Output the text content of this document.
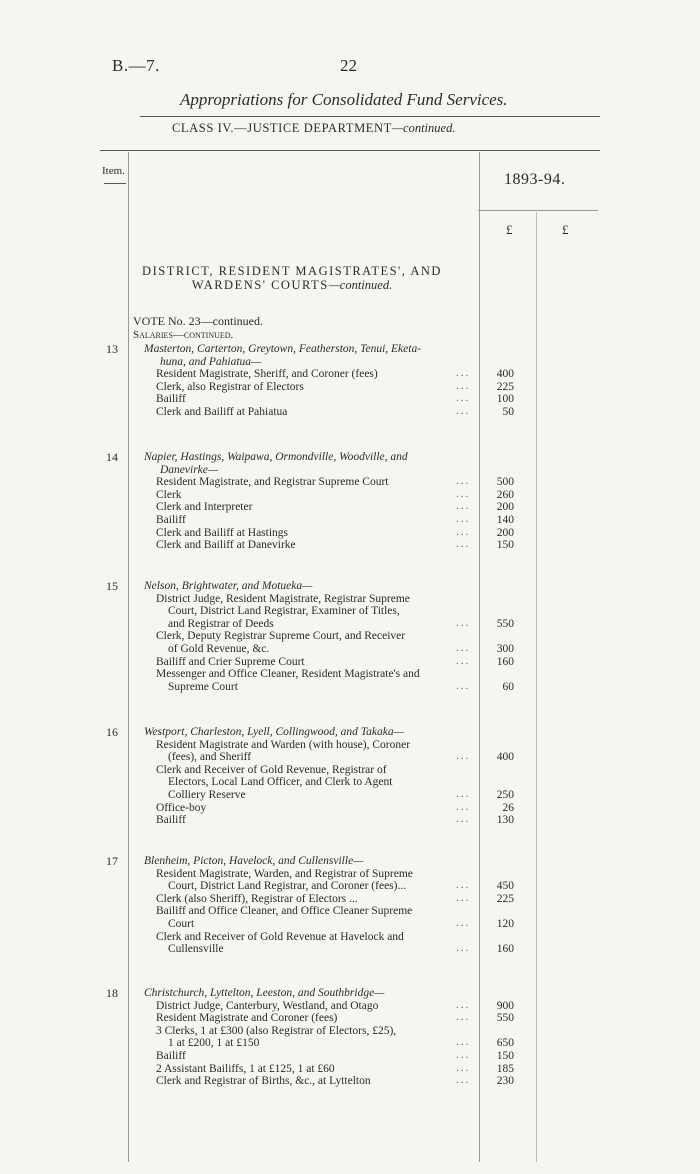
B.—7.	22
Appropriations for Consolidated Fund Services.
CLASS IV.—JUSTICE DEPARTMENT—continued.
Item.	1893-94.
£	£
DISTRICT, RESIDENT MAGISTRATES', AND
WARDENS' COURTS—continued.
VOTE No. 23—continued.
Salaries—continued.
13 Masterton, Carterton, Greytown, Featherston, Tenui, Eketa-
huna, and Pahiatua—
Resident Magistrate, Sheriff, and Coroner (fees)	...	400
Clerk, also Registrar of Electors	...	225
Bailiff	...	100
Clerk and Bailiff at Pahiatua	...	50
14 Napier, Hastings, Waipawa, Ormondville, Woodville, and
Danevirke—
Resident Magistrate, and Registrar Supreme Court	...	500
Clerk	...	260
Clerk and Interpreter	...	200
Bailiff	...	140
Clerk and Bailiff at Hastings	...	200
Clerk and Bailiff at Danevirke	...	150
15 Nelson, Brightwater, and Motueka—
District Judge, Resident Magistrate, Registrar Supreme
Court, District Land Registrar, Examiner of Titles,
and Registrar of Deeds	...	550
Clerk, Deputy Registrar Supreme Court, and Receiver
of Gold Revenue, &c.	...	300
Bailiff and Crier Supreme Court	...	160
Messenger and Office Cleaner, Resident Magistrate's and
Supreme Court	...	60
16 Westport, Charleston, Lyell, Collingwood, and Takaka—
Resident Magistrate and Warden (with house), Coroner
(fees), and Sheriff	...	400
Clerk and Receiver of Gold Revenue, Registrar of
Electors, Local Land Officer, and Clerk to Agent
Colliery Reserve	...	250
Office-boy	...	26
Bailiff	...	130
17 Blenheim, Picton, Havelock, and Cullensville—
Resident Magistrate, Warden, and Registrar of Supreme
Court, District Land Registrar, and Coroner (fees)...	...	450
Clerk (also Sheriff), Registrar of Electors ...	...	225
Bailiff and Office Cleaner, and Office Cleaner Supreme
Court	...	120
Clerk and Receiver of Gold Revenue at Havelock and
Cullensville	...	160
18 Christchurch, Lyttelton, Leeston, and Southbridge—
District Judge, Canterbury, Westland, and Otago	...	900
Resident Magistrate and Coroner (fees)	...	550
3 Clerks, 1 at £300 (also Registrar of Electors, £25),
1 at £200, 1 at £150	...	650
Bailiff	...	150
2 Assistant Bailiffs, 1 at £125, 1 at £60	...	185
Clerk and Registrar of Births, &c., at Lyttelton	...	230
